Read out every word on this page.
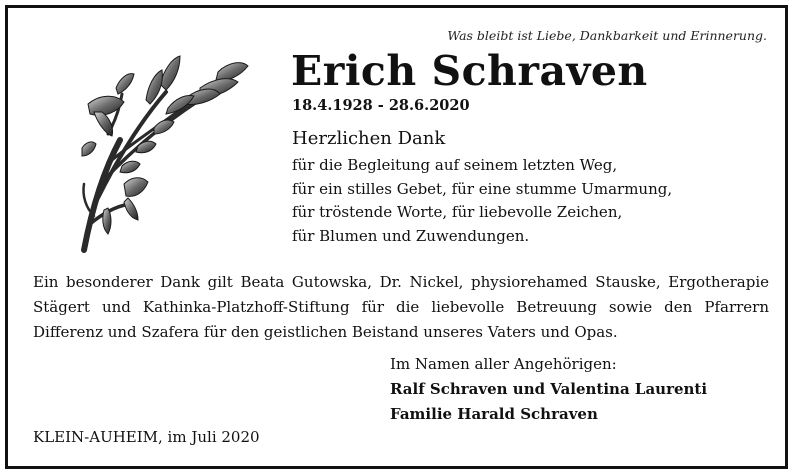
Was bleibt ist Liebe, Dankbarkeit und Erinnerung.
Erich Schraven
18.4.1928 - 28.6.2020
Herzlichen Dank
für die Begleitung auf seinem letzten Weg,
für ein stilles Gebet, für eine stumme Umarmung,
für tröstende Worte, für liebevolle Zeichen,
für Blumen und Zuwendungen.
Ein besonderer Dank gilt Beata Gutowska, Dr. Nickel, physiorehamed Stauske, Ergotherapie
Stägert und Kathinka-Platzhoff-Stiftung für die liebevolle Betreuung sowie den Pfarrern
Differenz und Szafera für den geistlichen Beistand unseres Vaters und Opas.
Im Namen aller Angehörigen:
Ralf Schraven und Valentina Laurenti
Familie Harald Schraven
KLEIN-AUHEIM, im Juli 2020
